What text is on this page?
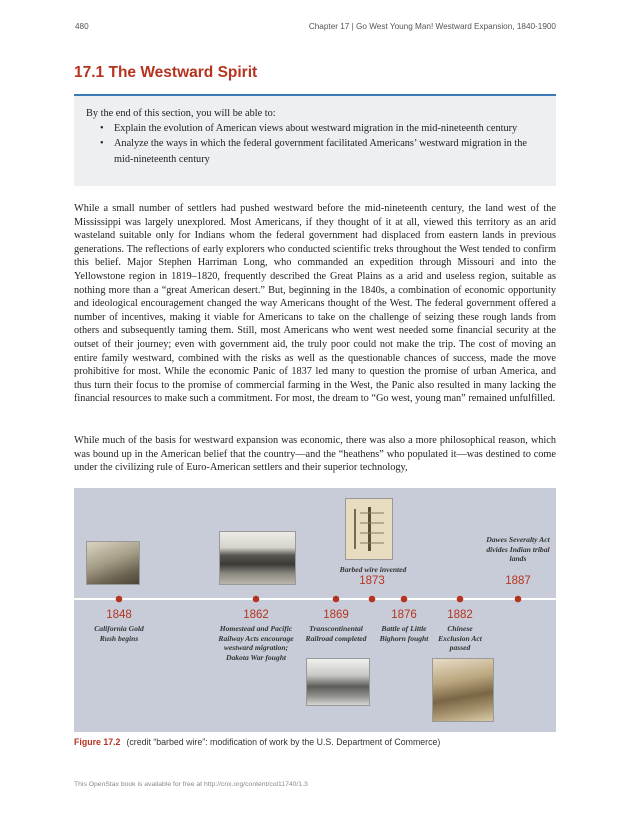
480	Chapter 17 | Go West Young Man! Westward Expansion, 1840-1900
17.1 The Westward Spirit

By the end of this section, you will be able to:

• Explain the evolution of American views about westward migration in the mid-nineteenth century
• Analyze the ways in which the federal government facilitated Americans’ westward migration in the mid-nineteenth century

While a small number of settlers had pushed westward before the mid-nineteenth century, the land west of the Mississippi was largely unexplored. Most Americans, if they thought of it at all, viewed this territory as an arid wasteland suitable only for Indians whom the federal government had displaced from eastern lands in previous generations. The reflections of early explorers who conducted scientific treks throughout the West tended to confirm this belief. Major Stephen Harriman Long, who commanded an expedition through Missouri and into the Yellowstone region in 1819–1820, frequently described the Great Plains as a arid and useless region, suitable as nothing more than a “great American desert.” But, beginning in the 1840s, a combination of economic opportunity and ideological encouragement changed the way Americans thought of the West. The federal government offered a number of incentives, making it viable for Americans to take on the challenge of seizing these rough lands from others and subsequently taming them. Still, most Americans who went west needed some financial security at the outset of their journey; even with government aid, the truly poor could not make the trip. The cost of moving an entire family westward, combined with the risks as well as the questionable chances of success, made the move prohibitive for most. While the economic Panic of 1837 led many to question the promise of urban America, and thus turn their focus to the promise of commercial farming in the West, the Panic also resulted in many lacking the financial resources to make such a commitment. For most, the dream to “Go west, young man” remained unfulfilled.

While much of the basis for westward expansion was economic, there was also a more philosophical reason, which was bound up in the American belief that the country—and the “heathens” who populated it—was destined to come under the civilizing rule of Euro-American settlers and their superior technology,

1848
California Gold Rush begins
1862
Homestead and Pacific Railway Acts encourage westward migration; Dakota War fought
1869
Transcontinental Railroad completed
1876
Battle of Little Bighorn fought
1882
Chinese Exclusion Act passed
Barbed wire invented
1873
Dawes Severalty Act divides Indian tribal lands
1887

Figure 17.2 (credit “barbed wire”: modification of work by the U.S. Department of Commerce)

This OpenStax book is available for free at http://cnx.org/content/col11740/1.3
